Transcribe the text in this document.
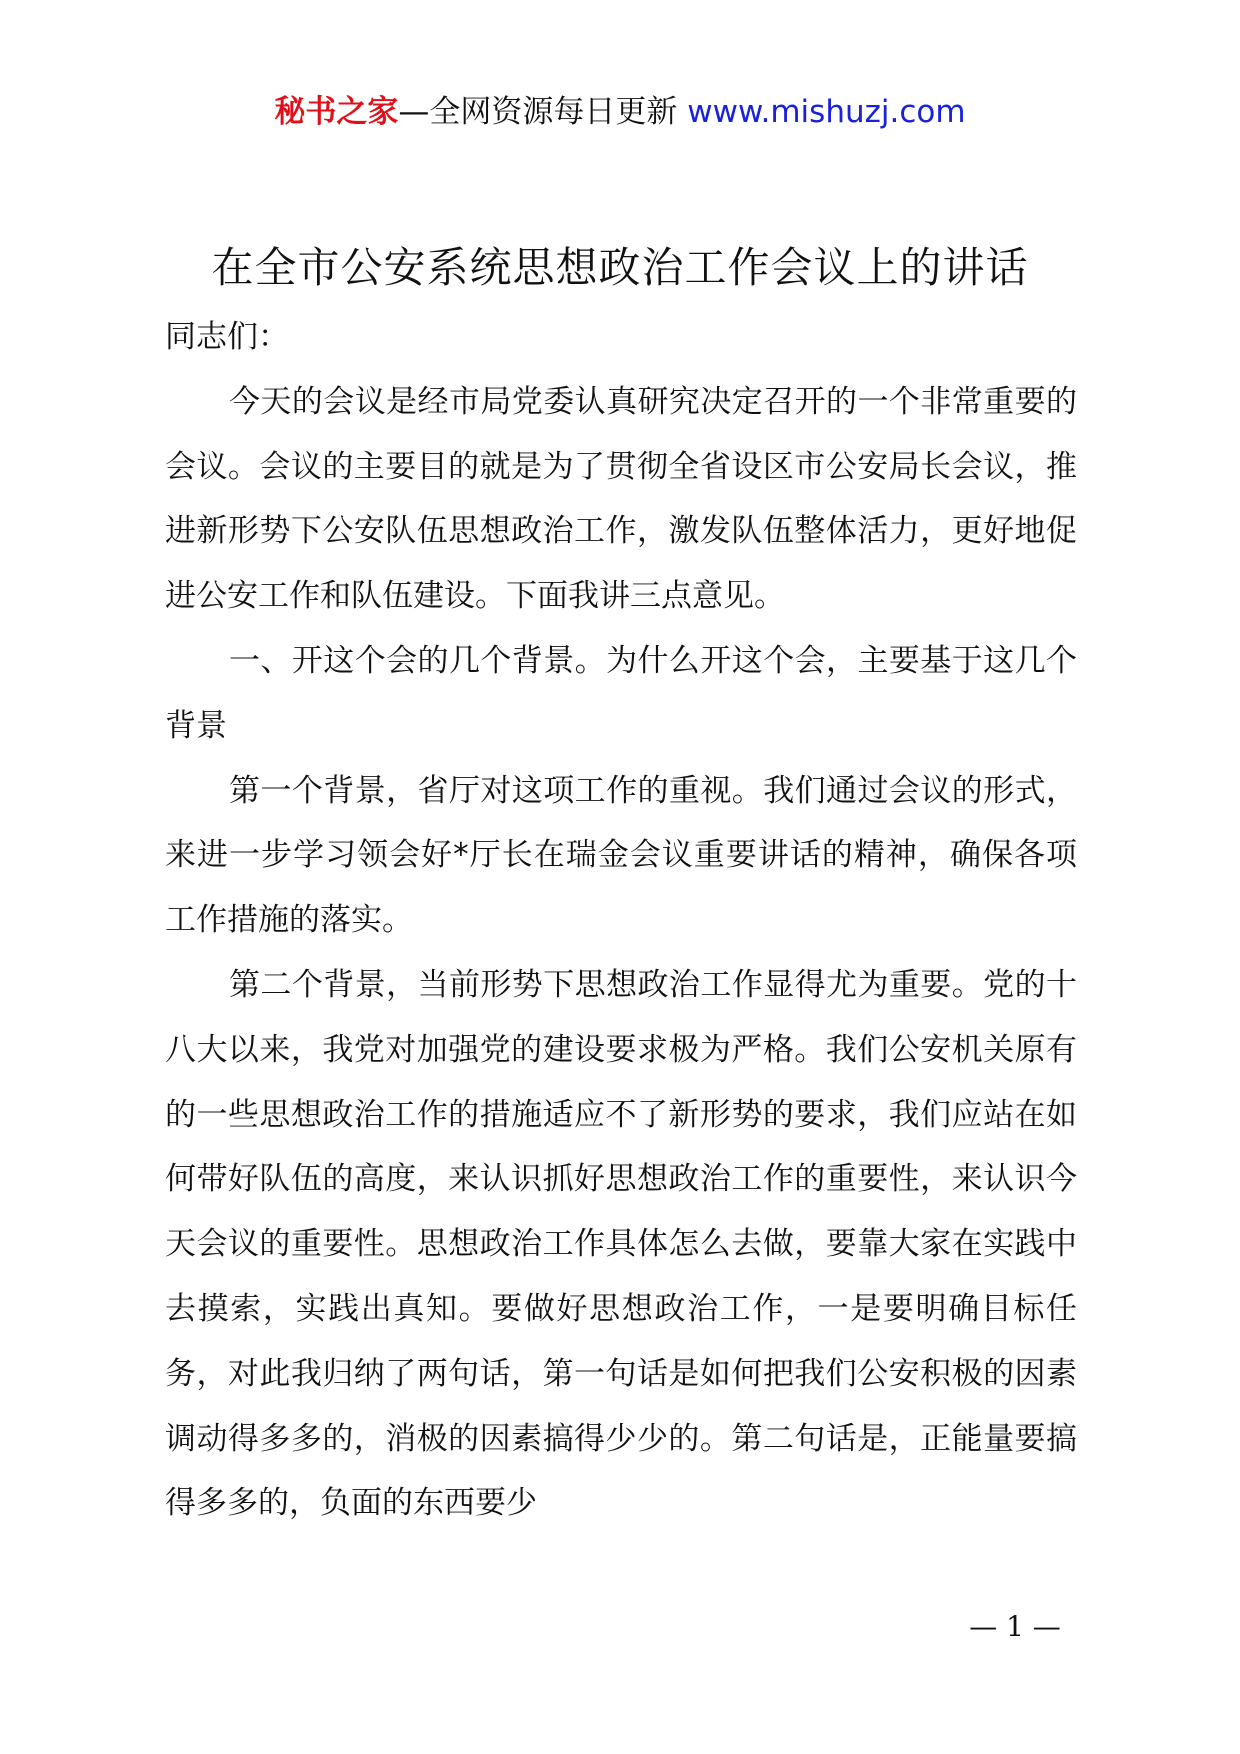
秘书之家—全网资源每日更新 www.mishuzj.com
在全市公安系统思想政治工作会议上的讲话

同志们：

今天的会议是经市局党委认真研究决定召开的一个非常重要的会议。会议的主要目的就是为了贯彻全省设区市公安局长会议，推进新形势下公安队伍思想政治工作，激发队伍整体活力，更好地促进公安工作和队伍建设。下面我讲三点意见。

一、开这个会的几个背景。为什么开这个会，主要基于这几个背景

第一个背景，省厅对这项工作的重视。我们通过会议的形式，来进一步学习领会好*厅长在瑞金会议重要讲话的精神，确保各项工作措施的落实。

第二个背景，当前形势下思想政治工作显得尤为重要。党的十八大以来，我党对加强党的建设要求极为严格。我们公安机关原有的一些思想政治工作的措施适应不了新形势的要求，我们应站在如何带好队伍的高度，来认识抓好思想政治工作的重要性，来认识今天会议的重要性。思想政治工作具体怎么去做，要靠大家在实践中去摸索，实践出真知。要做好思想政治工作，一是要明确目标任务，对此我归纳了两句话，第一句话是如何把我们公安积极的因素调动得多多的，消极的因素搞得少少的。第二句话是，正能量要搞得多多的，负面的东西要少

— 1 —
